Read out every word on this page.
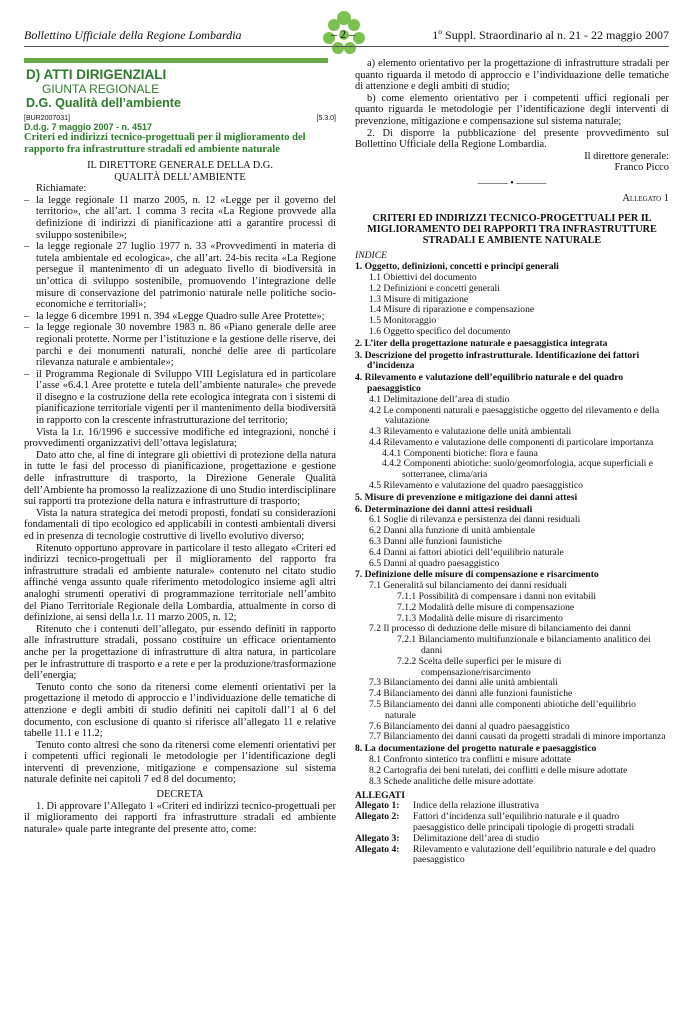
Bollettino Ufficiale della Regione Lombardia	– 2 –	1º Suppl. Straordinario al n. 21 - 22 maggio 2007
D) ATTI DIRIGENZIALI
GIUNTA REGIONALE
D.G. Qualità dell’ambiente
[BUR2007031]	[5.3.0]
D.d.g. 7 maggio 2007 - n. 4517
Criteri ed indirizzi tecnico-progettuali per il miglioramento del rapporto fra infrastrutture stradali ed ambiente naturale
IL DIRETTORE GENERALE DELLA D.G.
QUALITÀ DELL’AMBIENTE

Richiamate:

– la legge regionale 11 marzo 2005, n. 12 «Legge per il governo del territorio», che all’art. 1 comma 3 recita «La Regione provvede alla definizione di indirizzi di pianificazione atti a garantire processi di sviluppo sostenibile»;
– la legge regionale 27 luglio 1977 n. 33 «Provvedimenti in materia di tutela ambientale ed ecologica», che all’art. 24-bis recita «La Regione persegue il mantenimento di un adeguato livello di biodiversità in un’ottica di sviluppo sostenibile, promuovendo l’integrazione delle misure di conservazione del patrimonio naturale nelle politiche socio-economiche e territoriali»;
– la legge 6 dicembre 1991 n. 394 «Legge Quadro sulle Aree Protette»;
– la legge regionale 30 novembre 1983 n. 86 «Piano generale delle aree regionali protette. Norme per l’istituzione e la gestione delle riserve, dei parchi e dei monumenti naturali, nonché delle aree di particolare rilevanza naturale e ambientale»;
– il Programma Regionale di Sviluppo VIII Legislatura ed in particolare l’asse «6.4.1 Aree protette e tutela dell’ambiente naturale» che prevede il disegno e la costruzione della rete ecologica integrata con i sistemi di pianificazione territoriale vigenti per il mantenimento della biodiversità in rapporto con la crescente infrastrutturazione del territorio;

Vista la l.r. 16/1996 e successive modifiche ed integrazioni, nonché i provvedimenti organizzativi dell’ottava legislatura;

Dato atto che, al fine di integrare gli obiettivi di protezione della natura in tutte le fasi del processo di pianificazione, progettazione e gestione delle infrastrutture di trasporto, la Direzione Generale Qualità dell’Ambiente ha promosso la realizzazione di uno Studio interdisciplinare sui rapporti tra protezione della natura e infrastrutture di trasporto;

Vista la natura strategica dei metodi proposti, fondati su considerazioni fondamentali di tipo ecologico ed applicabili in contesti ambientali diversi ed in presenza di tecnologie costruttive di livello evolutivo diverso;

Ritenuto opportuno approvare in particolare il testo allegato «Criteri ed indirizzi tecnico-progettuali per il miglioramento del rapporto fra infrastrutture stradali ed ambiente naturale» contenuto nel citato studio affinché venga assunto quale riferimento metodologico insieme agli altri analoghi strumenti operativi di programmazione territoriale nell’ambito del Piano Territoriale Regionale della Lombardia, attualmente in corso di definizione, ai sensi della l.r. 11 marzo 2005, n. 12;

Ritenuto che i contenuti dell’allegato, pur essendo definiti in rapporto alle infrastrutture stradali, possano costituire un efficace orientamento anche per la progettazione di infrastrutture di altra natura, in particolare per le infrastrutture di trasporto e a rete e per la produzione/trasformazione dell’energia;

Tenuto conto che sono da ritenersi come elementi orientativi per la progettazione il metodo di approccio e l’individuazione delle tematiche di attenzione e degli ambiti di studio definiti nei capitoli dall’1 al 6 del documento, con esclusione di quanto si riferisce all’allegato 11 e relative tabelle 11.1 e 11.2;

Tenuto conto altresì che sono da ritenersi come elementi orientativi per i competenti uffici regionali le metodologie per l’identificazione degli interventi di prevenzione, mitigazione e compensazione sul sistema naturale definite nei capitoli 7 ed 8 del documento;

DECRETA

1. Di approvare l’Allegato 1 «Criteri ed indirizzi tecnico-progettuali per il miglioramento dei rapporti fra infrastrutture stradali ed ambiente naturale» quale parte integrante del presente atto, come:

a) elemento orientativo per la progettazione di infrastrutture stradali per quanto riguarda il metodo di approccio e l’individuazione delle tematiche di attenzione e degli ambiti di studio;

b) come elemento orientativo per i competenti uffici regionali per quanto riguarda le metodologie per l’identificazione degli interventi di prevenzione, mitigazione e compensazione sul sistema naturale;

2. Di disporre la pubblicazione del presente provvedimento sul Bollettino Ufficiale della Regione Lombardia.

Il direttore generale:

Franco Picco

——— • ———

Allegato 1

CRITERI ED INDIRIZZI TECNICO-PROGETTUALI PER IL MIGLIORAMENTO DEI RAPPORTI TRA INFRASTRUTTURE STRADALI E AMBIENTE NATURALE
INDICE
1. Oggetto, definizioni, concetti e principi generali
1.1 Obiettivi del documento
1.2 Definizioni e concetti generali
1.3 Misure di mitigazione
1.4 Misure di riparazione e compensazione
1.5 Monitoraggio
1.6 Oggetto specifico del documento
2. L’iter della progettazione naturale e paesaggistica integrata
3. Descrizione del progetto infrastrutturale. Identificazione dei fattori d’incidenza
4. Rilevamento e valutazione dell’equilibrio naturale e del quadro paesaggistico
4.1 Delimitazione dell’area di studio
4.2 Le componenti naturali e paesaggistiche oggetto del rilevamento e della valutazione
4.3 Rilevamento e valutazione delle unità ambientali
4.4 Rilevamento e valutazione delle componenti di particolare importanza
4.4.1 Componenti biotiche: flora e fauna
4.4.2 Componenti abiotiche: suolo/geomorfologia, acque superficiali e sotterranee, clima/aria
4.5 Rilevamento e valutazione del quadro paesaggistico
5. Misure di prevenzione e mitigazione dei danni attesi
6. Determinazione dei danni attesi residuali
6.1 Soglie di rilevanza e persistenza dei danni residuali
6.2 Danni alla funzione di unità ambientale
6.3 Danni alle funzioni faunistiche
6.4 Danni ai fattori abiotici dell’equilibrio naturale
6.5 Danni al quadro paesaggistico
7. Definizione delle misure di compensazione e risarcimento
7.1 Generalità sul bilanciamento dei danni residuali
7.1.1 Possibilità di compensare i danni non evitabili
7.1.2 Modalità delle misure di compensazione
7.1.3 Modalità delle misure di risarcimento
7.2 Il processo di deduzione delle misure di bilanciamento dei danni
7.2.1 Bilanciamento multifunzionale e bilanciamento analitico dei danni
7.2.2 Scelta delle superfici per le misure di compensazione/risarcimento
7.3 Bilanciamento dei danni alle unità ambientali
7.4 Bilanciamento dei danni alle funzioni faunistiche
7.5 Bilanciamento dei danni alle componenti abiotiche dell’equilibrio naturale
7.6 Bilanciamento dei danni al quadro paesaggistico
7.7 Bilanciamento dei danni causati da progetti stradali di minore importanza
8. La documentazione del progetto naturale e paesaggistico
8.1 Confronto sintetico tra conflitti e misure adottate
8.2 Cartografia dei beni tutelati, dei conflitti e delle misure adottate
8.3 Schede analitiche delle misure adottate
ALLEGATI
Allegato 1:	Indice della relazione illustrativa
Allegato 2:	Fattori d’incidenza sull’equilibrio naturale e il quadro paesaggistico delle principali tipologie di progetti stradali
Allegato 3:	Delimitazione dell’area di studio
Allegato 4:	Rilevamento e valutazione dell’equilibrio naturale e del quadro paesaggistico
